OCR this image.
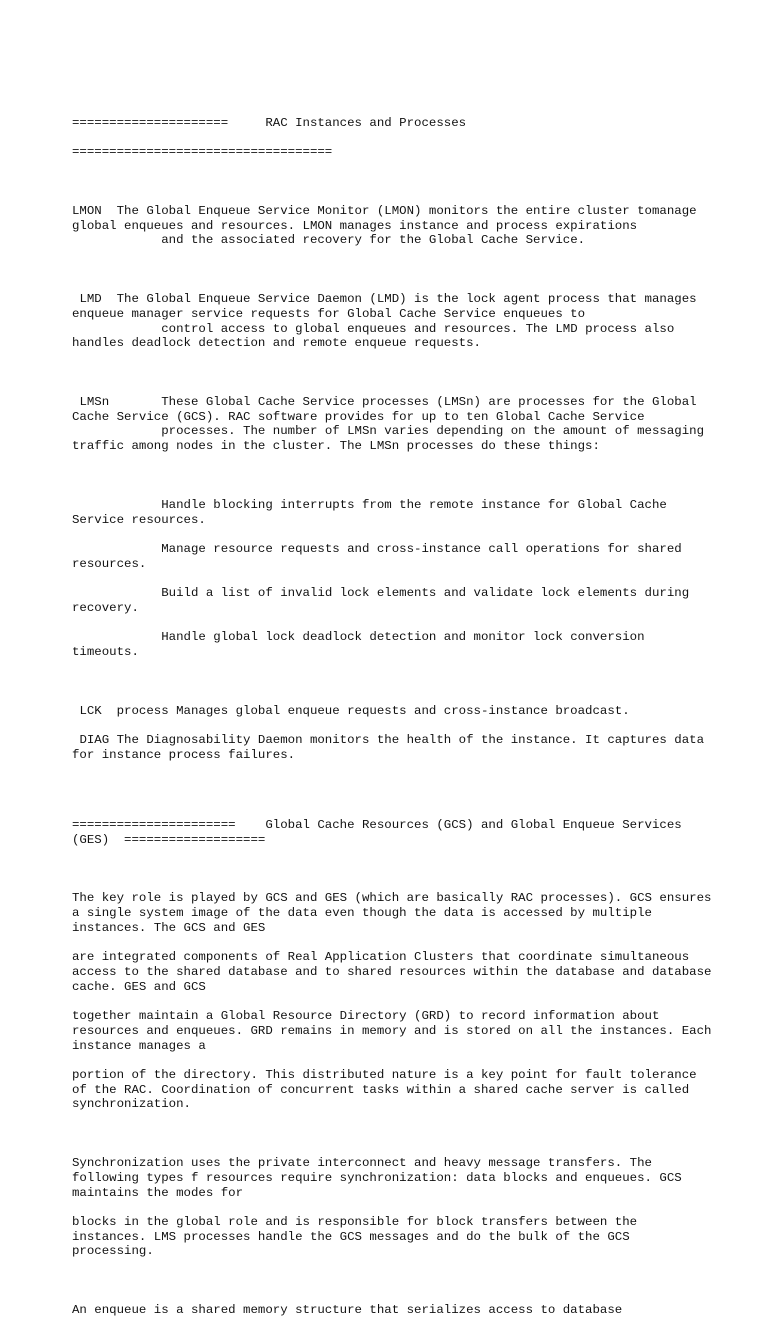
=====================     RAC Instances and Processes

===================================

LMON  The Global Enqueue Service Monitor (LMON) monitors the entire cluster tomanage global enqueues and resources. LMON manages instance and process expirations
and the associated recovery for the Global Cache Service.

LMD  The Global Enqueue Service Daemon (LMD) is the lock agent process that manages enqueue manager service requests for Global Cache Service enqueues to
control access to global enqueues and resources. The LMD process also handles deadlock detection and remote enqueue requests.

LMSn       These Global Cache Service processes (LMSn) are processes for the Global Cache Service (GCS). RAC software provides for up to ten Global Cache Service
processes. The number of LMSn varies depending on the amount of messaging traffic among nodes in the cluster. The LMSn processes do these things:

Handle blocking interrupts from the remote instance for Global Cache Service resources.

Manage resource requests and cross-instance call operations for shared resources.

Build a list of invalid lock elements and validate lock elements during recovery.

Handle global lock deadlock detection and monitor lock conversion timeouts.

LCK  process Manages global enqueue requests and cross-instance broadcast.

DIAG The Diagnosability Daemon monitors the health of the instance. It captures data for instance process failures.

======================    Global Cache Resources (GCS) and Global Enqueue Services (GES)  ===================

The key role is played by GCS and GES (which are basically RAC processes). GCS ensures a single system image of the data even though the data is accessed by multiple instances. The GCS and GES

are integrated components of Real Application Clusters that coordinate simultaneous access to the shared database and to shared resources within the database and database cache. GES and GCS

together maintain a Global Resource Directory (GRD) to record information about resources and enqueues. GRD remains in memory and is stored on all the instances. Each instance manages a

portion of the directory. This distributed nature is a key point for fault tolerance of the RAC. Coordination of concurrent tasks within a shared cache server is called synchronization.

Synchronization uses the private interconnect and heavy message transfers. The following types f resources require synchronization: data blocks and enqueues. GCS maintains the modes for

blocks in the global role and is responsible for block transfers between the instances. LMS processes handle the GCS messages and do the bulk of the GCS processing.

An enqueue is a shared memory structure that serializes access to database
